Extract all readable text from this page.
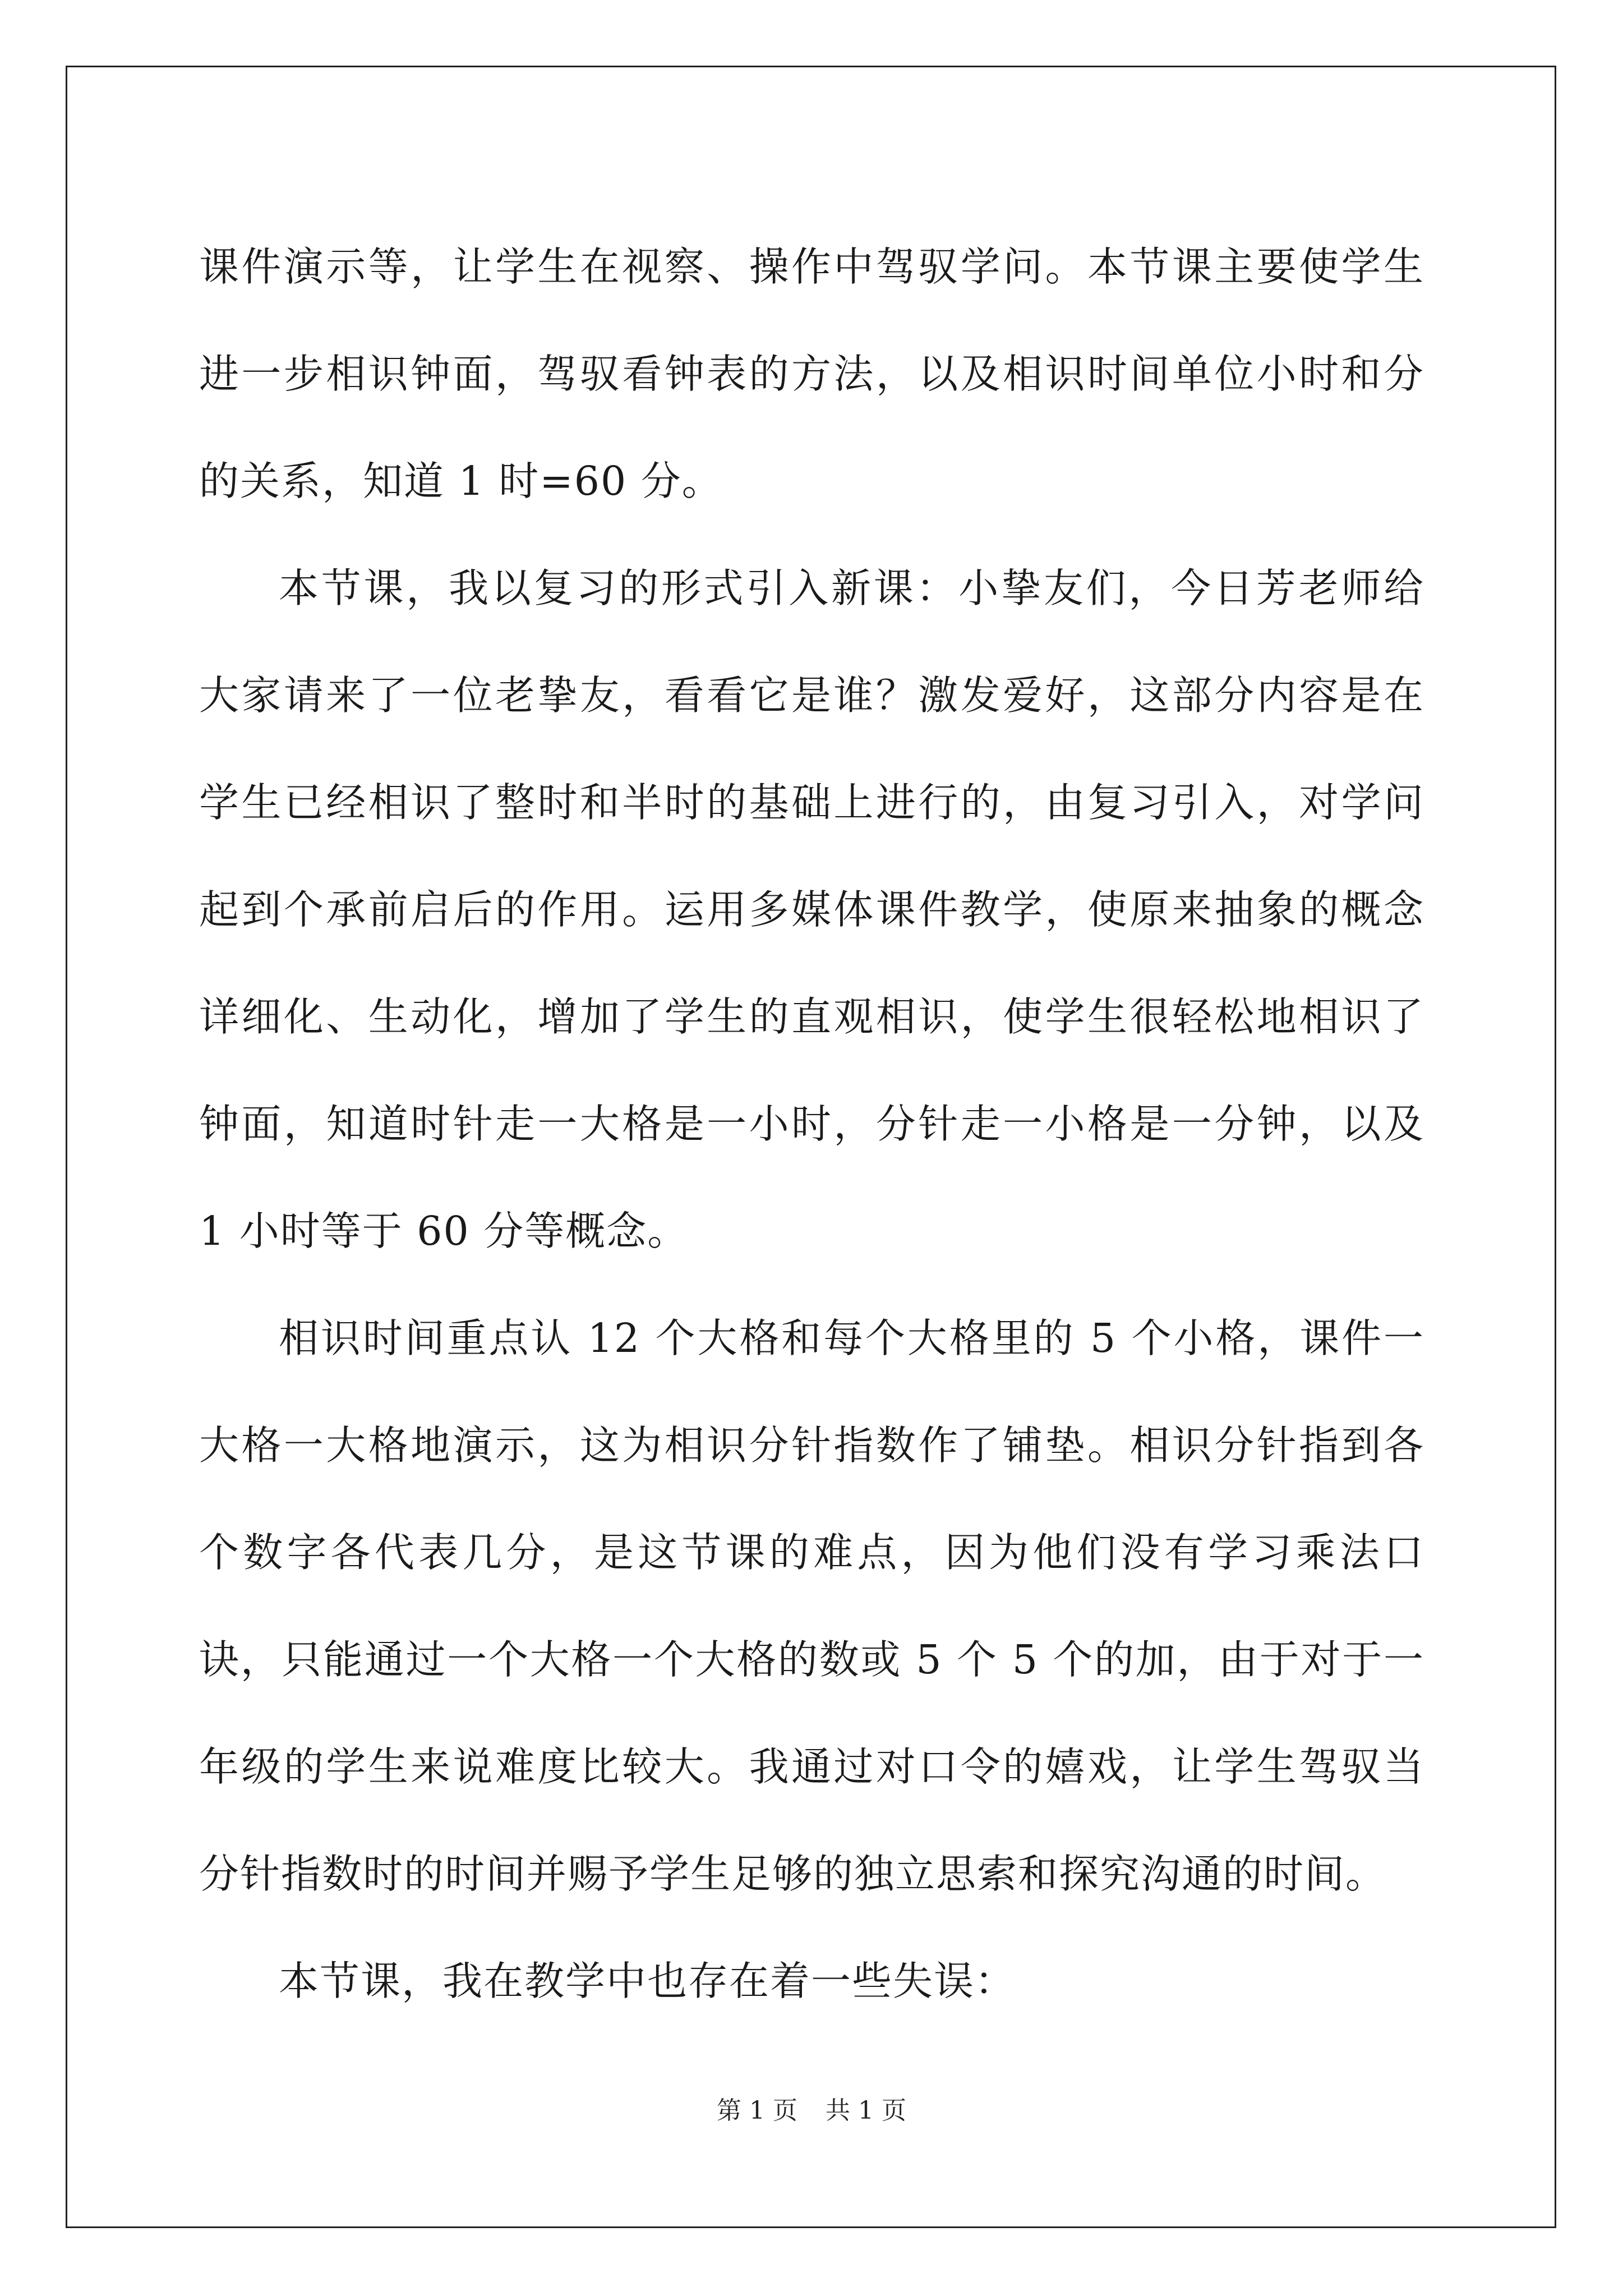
课件演示等，让学生在视察、操作中驾驭学问。本节课主要使学生进一步相识钟面，驾驭看钟表的方法，以及相识时间单位小时和分的关系，知道 1 时=60 分。

本节课，我以复习的形式引入新课：小挚友们，今日芳老师给大家请来了一位老挚友，看看它是谁？激发爱好，这部分内容是在学生已经相识了整时和半时的基础上进行的，由复习引入，对学问起到个承前启后的作用。运用多媒体课件教学，使原来抽象的概念详细化、生动化，增加了学生的直观相识，使学生很轻松地相识了钟面，知道时针走一大格是一小时，分针走一小格是一分钟，以及 1 小时等于 60 分等概念。

相识时间重点认 12 个大格和每个大格里的 5 个小格，课件一大格一大格地演示，这为相识分针指数作了铺垫。相识分针指到各个数字各代表几分，是这节课的难点，因为他们没有学习乘法口诀，只能通过一个大格一个大格的数或 5 个 5 个的加，由于对于一年级的学生来说难度比较大。我通过对口令的嬉戏，让学生驾驭当分针指数时的时间并赐予学生足够的独立思索和探究沟通的时间。

本节课，我在教学中也存在着一些失误：

第 1 页 共 1 页
